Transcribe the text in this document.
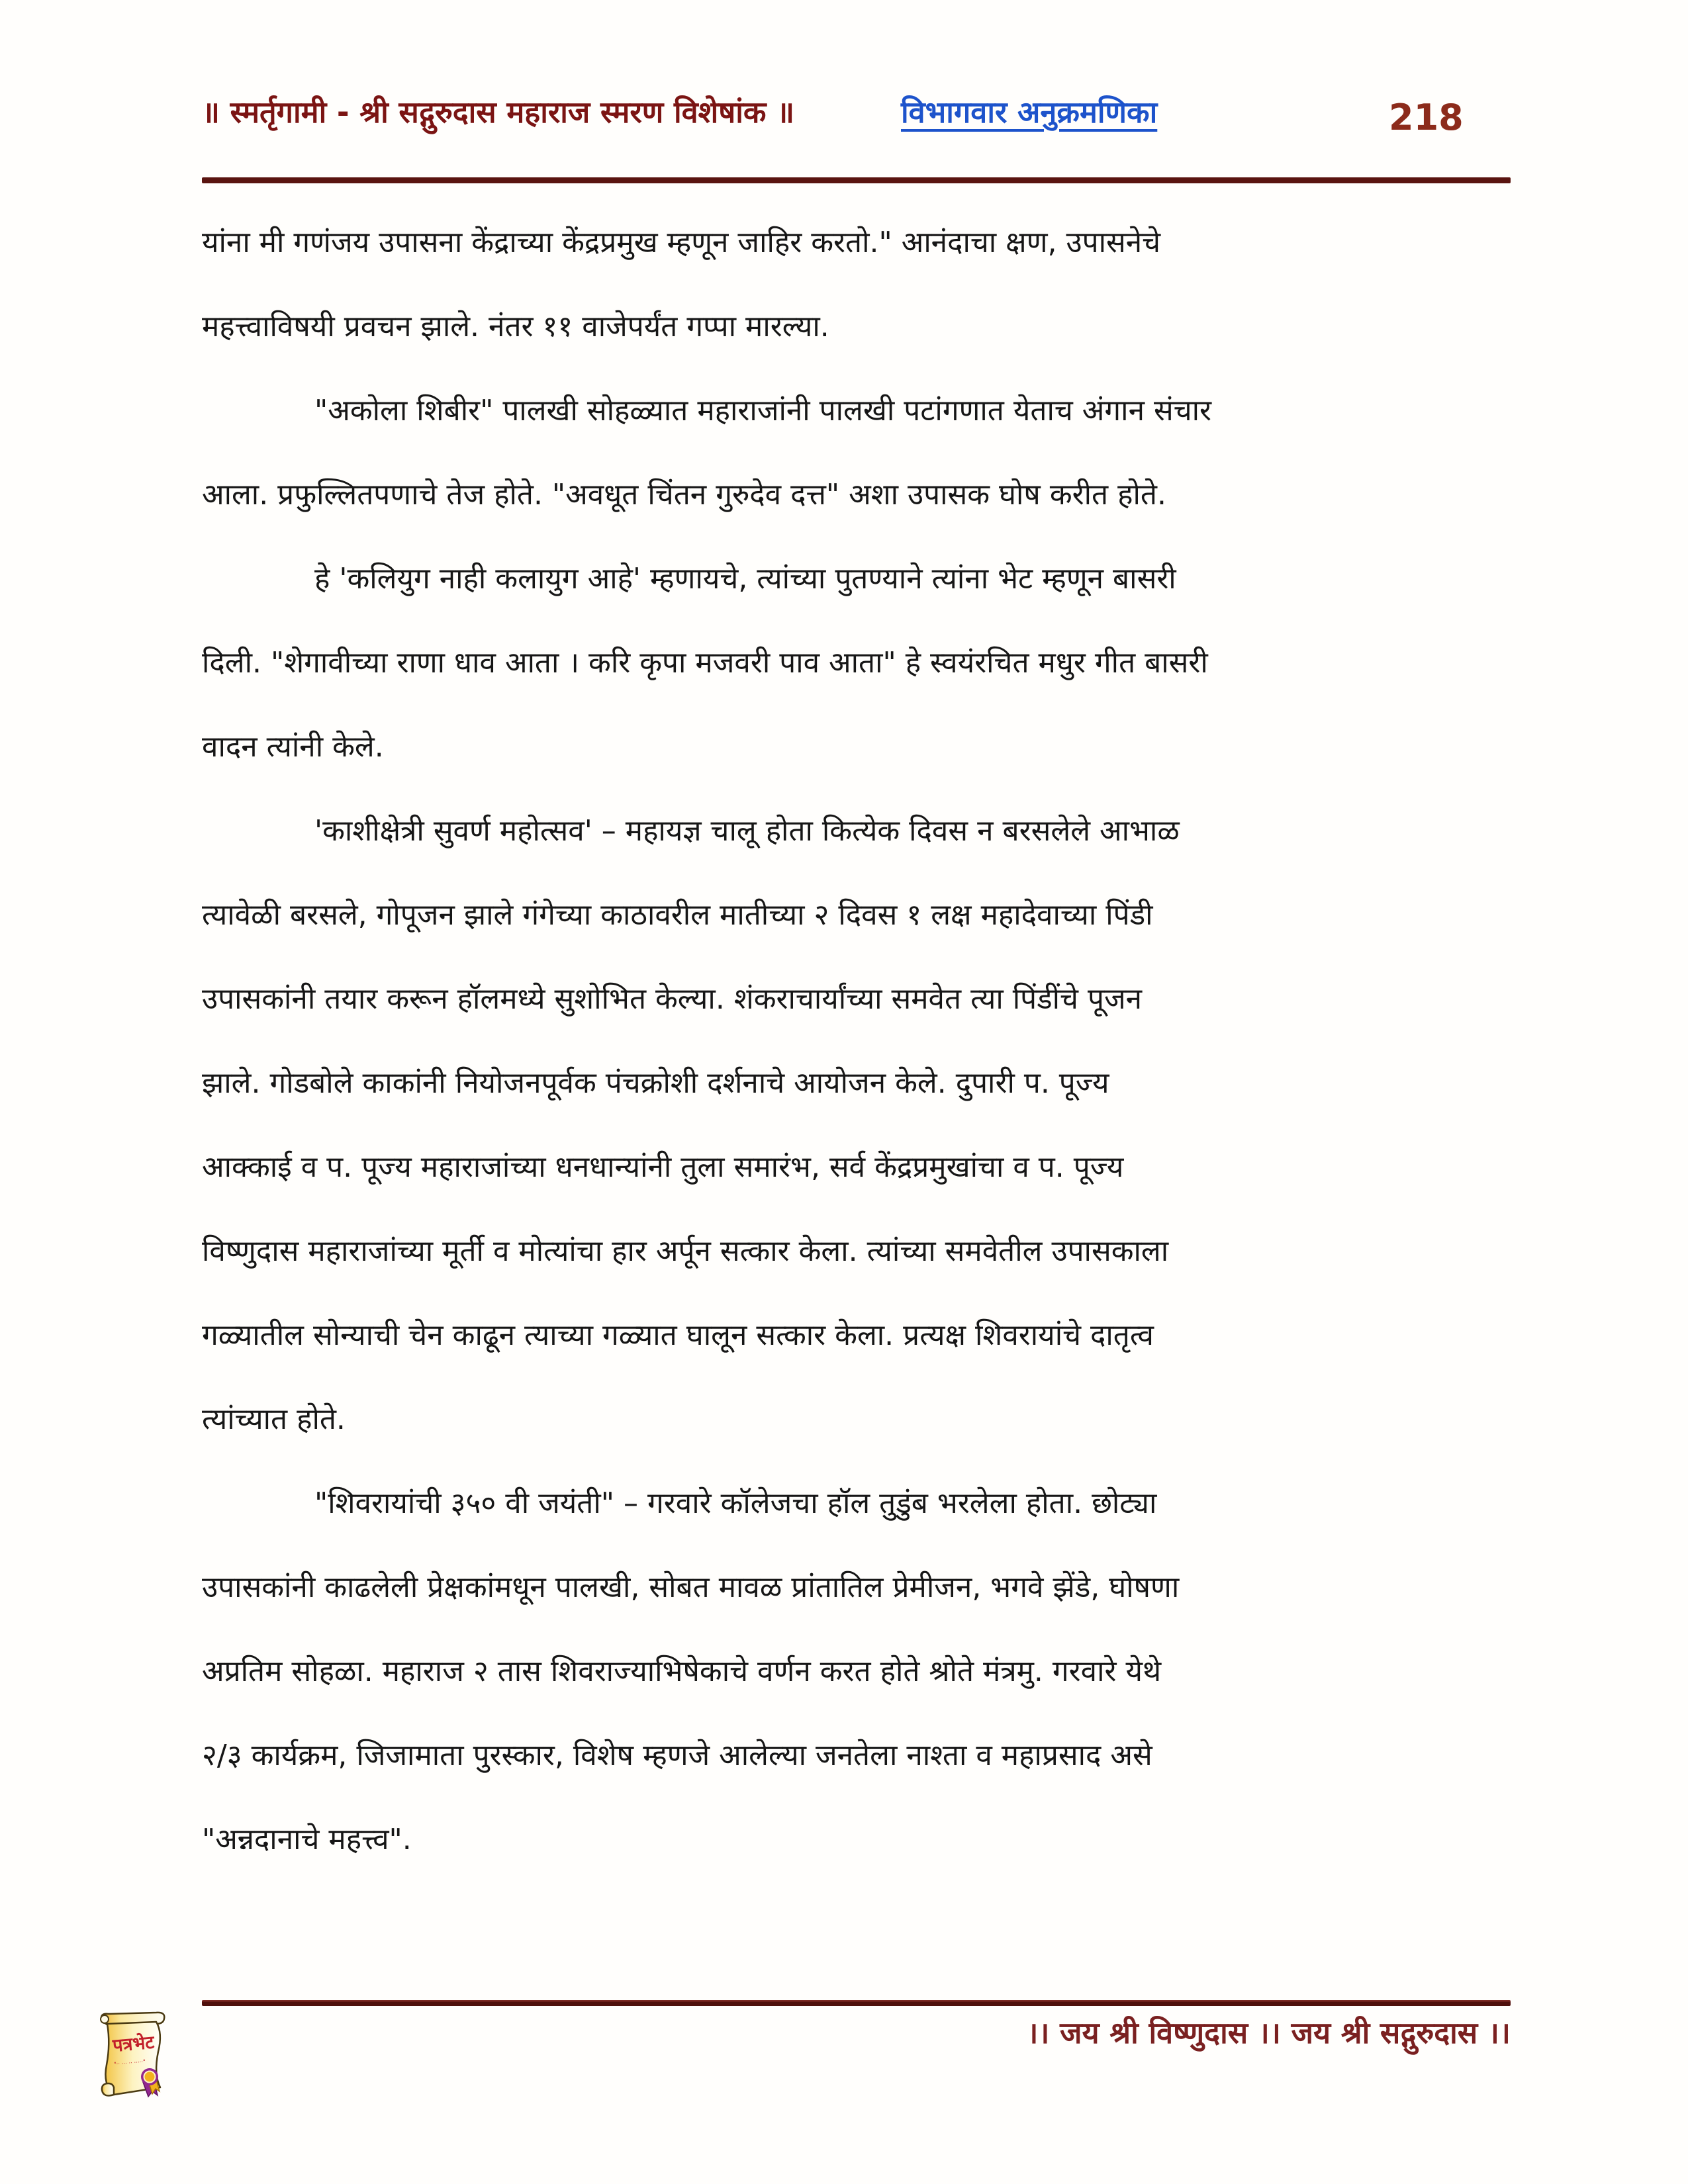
॥ स्मर्तृगामी - श्री सद्गुरुदास महाराज स्मरण विशेषांक ॥	विभागवार अनुक्रमणिका	218
यांना मी गणंजय उपासना केंद्राच्या केंद्रप्रमुख म्हणून जाहिर करतो." आनंदाचा क्षण, उपासनेचे
महत्त्वाविषयी प्रवचन झाले. नंतर ११ वाजेपर्यंत गप्पा मारल्या.
"अकोला शिबीर" पालखी सोहळ्यात महाराजांनी पालखी पटांगणात येताच अंगान संचार
आला. प्रफुल्लितपणाचे तेज होते. "अवधूत चिंतन गुरुदेव दत्त" अशा उपासक घोष करीत होते.
हे 'कलियुग नाही कलायुग आहे' म्हणायचे, त्यांच्या पुतण्याने त्यांना भेट म्हणून बासरी
दिली. "शेगावीच्या राणा धाव आता । करि कृपा मजवरी पाव आता" हे स्वयंरचित मधुर गीत बासरी
वादन त्यांनी केले.
'काशीक्षेत्री सुवर्ण महोत्सव' – महायज्ञ चालू होता कित्येक दिवस न बरसलेले आभाळ
त्यावेळी बरसले, गोपूजन झाले गंगेच्या काठावरील मातीच्या २ दिवस १ लक्ष महादेवाच्या पिंडी
उपासकांनी तयार करून हॉलमध्ये सुशोभित केल्या. शंकराचार्यांच्या समवेत त्या पिंडींचे पूजन
झाले. गोडबोले काकांनी नियोजनपूर्वक पंचक्रोशी दर्शनाचे आयोजन केले. दुपारी प. पूज्य
आक्काई व प. पूज्य महाराजांच्या धनधान्यांनी तुला समारंभ, सर्व केंद्रप्रमुखांचा व प. पूज्य
विष्णुदास महाराजांच्या मूर्ती व मोत्यांचा हार अर्पून सत्कार केला. त्यांच्या समवेतील उपासकाला
गळ्यातील सोन्याची चेन काढून त्याच्या गळ्यात घालून सत्कार केला. प्रत्यक्ष शिवरायांचे दातृत्व
त्यांच्यात होते.
"शिवरायांची ३५० वी जयंती" – गरवारे कॉलेजचा हॉल तुडुंब भरलेला होता. छोट्या
उपासकांनी काढलेली प्रेक्षकांमधून पालखी, सोबत मावळ प्रांतातिल प्रेमीजन, भगवे झेंडे, घोषणा
अप्रतिम सोहळा. महाराज २ तास शिवराज्याभिषेकाचे वर्णन करत होते श्रोते मंत्रमु. गरवारे येथे
२/३ कार्यक्रम, जिजामाता पुरस्कार, विशेष म्हणजे आलेल्या जनतेला नाश्ता व महाप्रसाद असे
"अन्नदानाचे महत्त्व".
।। जय श्री विष्णुदास ।। जय श्री सद्गुरुदास ।।
पत्रभेट
"·· ··· ·· ·····"
